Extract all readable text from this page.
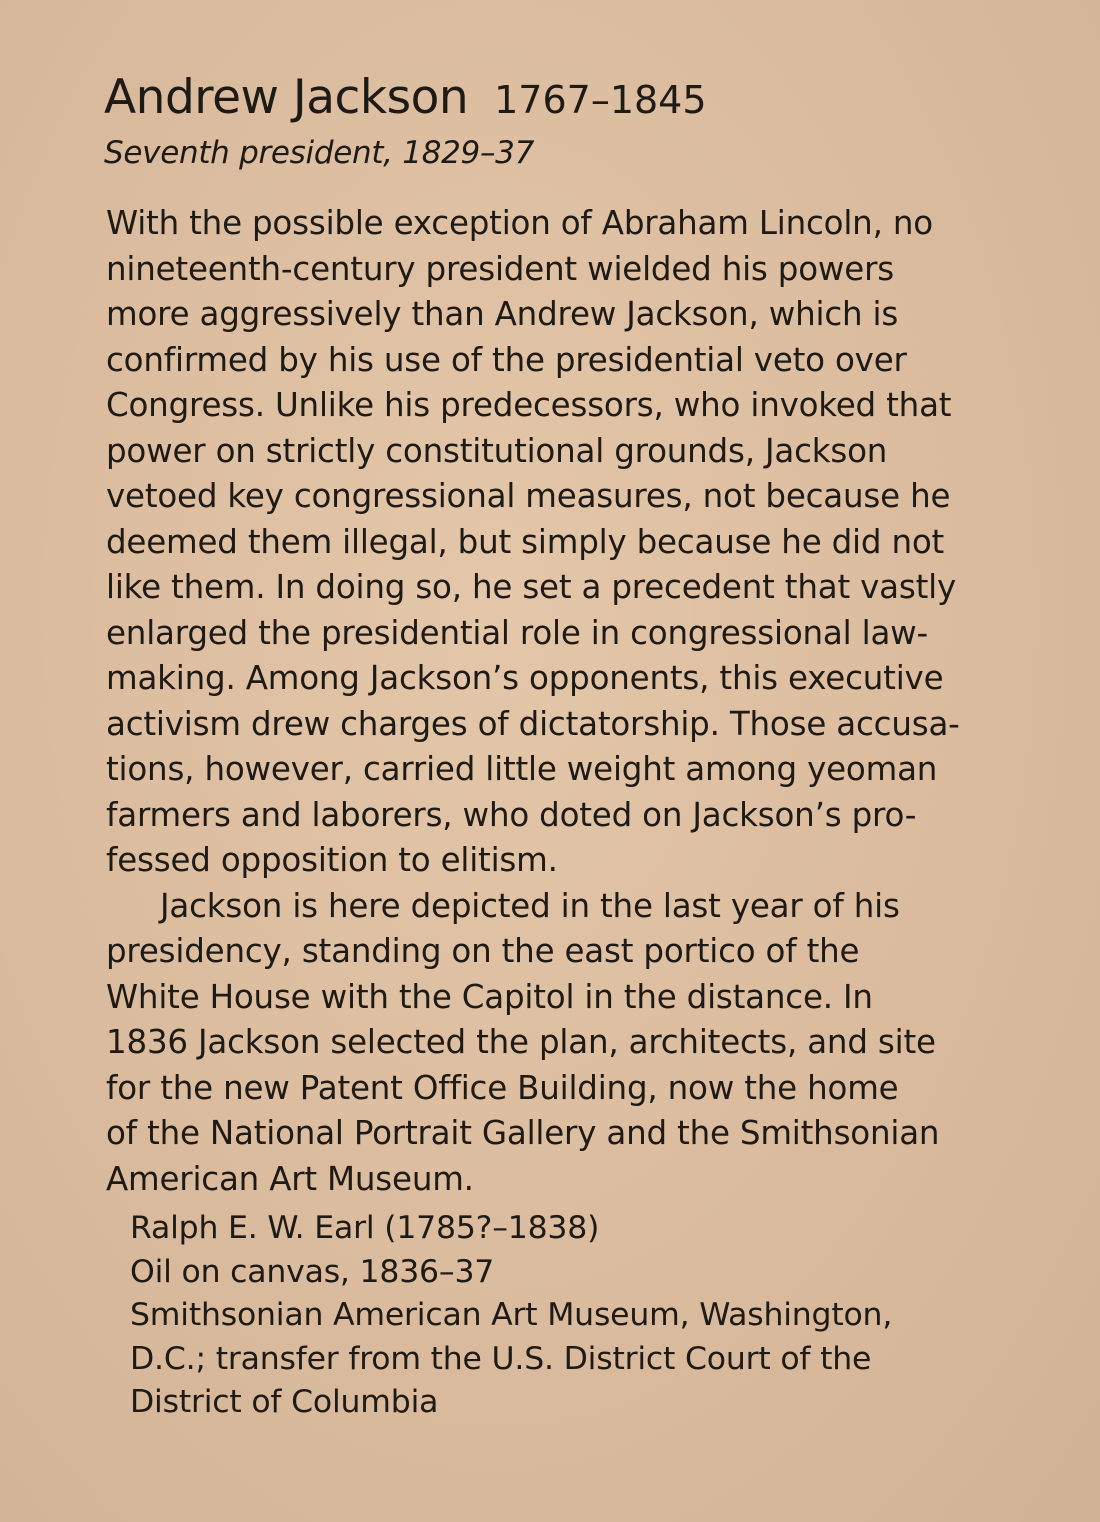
Andrew Jackson 1767–1845
Seventh president, 1829–37
With the possible exception of Abraham Lincoln, no
nineteenth-century president wielded his powers
more aggressively than Andrew Jackson, which is
confirmed by his use of the presidential veto over
Congress. Unlike his predecessors, who invoked that
power on strictly constitutional grounds, Jackson
vetoed key congressional measures, not because he
deemed them illegal, but simply because he did not
like them. In doing so, he set a precedent that vastly
enlarged the presidential role in congressional law-
making. Among Jackson’s opponents, this executive
activism drew charges of dictatorship. Those accusa-
tions, however, carried little weight among yeoman
farmers and laborers, who doted on Jackson’s pro-
fessed opposition to elitism.
Jackson is here depicted in the last year of his
presidency, standing on the east portico of the
White House with the Capitol in the distance. In
1836 Jackson selected the plan, architects, and site
for the new Patent Office Building, now the home
of the National Portrait Gallery and the Smithsonian
American Art Museum.
Ralph E. W. Earl (1785?–1838)
Oil on canvas, 1836–37
Smithsonian American Art Museum, Washington,
D.C.; transfer from the U.S. District Court of the
District of Columbia
